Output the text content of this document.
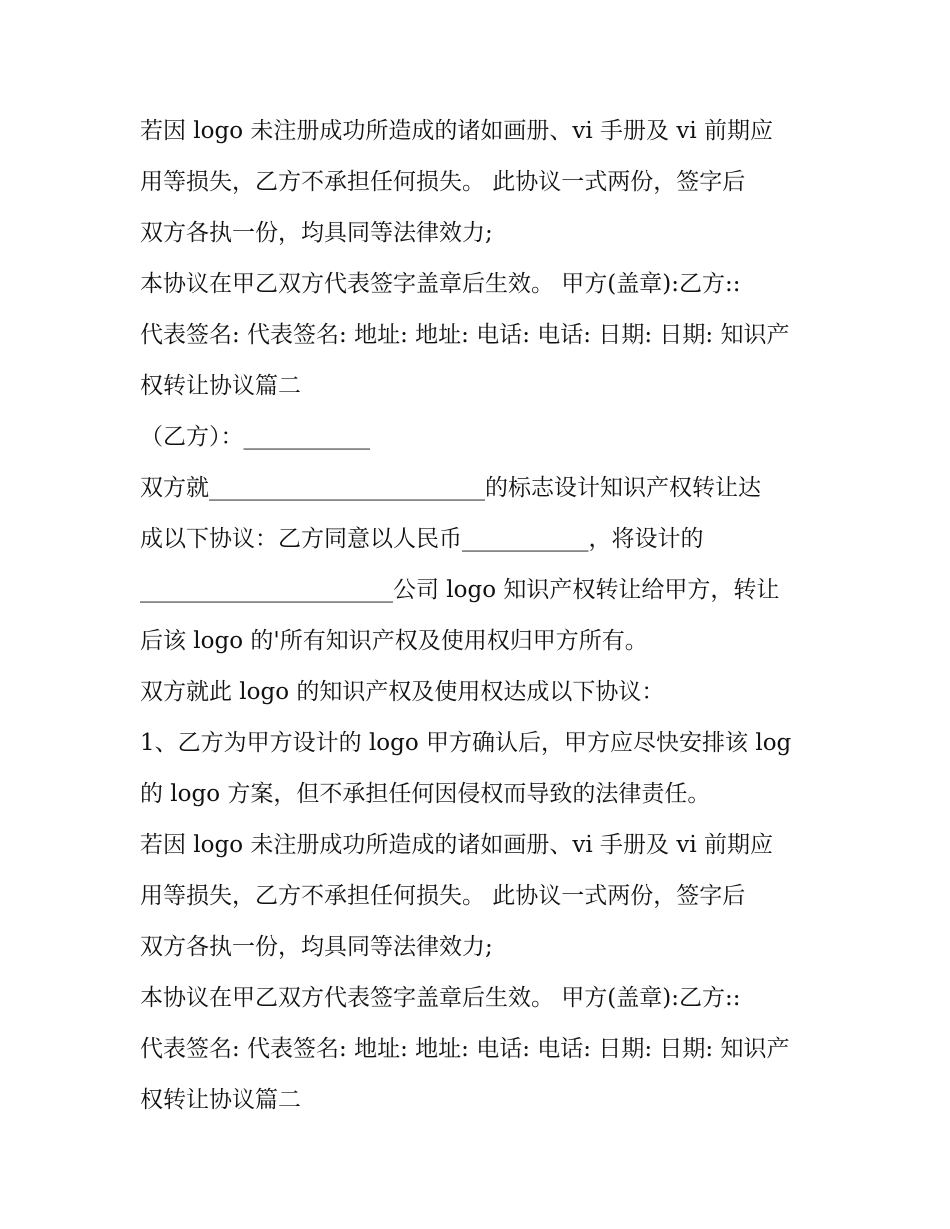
若因 logo 未注册成功所造成的诸如画册、vi 手册及 vi 前期应
用等损失，乙方不承担任何损失。 此协议一式两份，签字后
双方各执一份，均具同等法律效力;
本协议在甲乙双方代表签字盖章后生效。 甲方(盖章):乙方::
代表签名: 代表签名: 地址: 地址: 电话: 电话: 日期: 日期: 知识产
权转让协议篇二
（乙方）：___________
双方就________________________的标志设计知识产权转让达
成以下协议：乙方同意以人民币___________，将设计的
______________________公司 logo 知识产权转让给甲方，转让
后该 logo 的'所有知识产权及使用权归甲方所有。
双方就此 logo 的知识产权及使用权达成以下协议：
1、乙方为甲方设计的 logo 甲方确认后，甲方应尽快安排该 log
的 logo 方案，但不承担任何因侵权而导致的法律责任。
若因 logo 未注册成功所造成的诸如画册、vi 手册及 vi 前期应
用等损失，乙方不承担任何损失。 此协议一式两份，签字后
双方各执一份，均具同等法律效力;
本协议在甲乙双方代表签字盖章后生效。 甲方(盖章):乙方::
代表签名: 代表签名: 地址: 地址: 电话: 电话: 日期: 日期: 知识产
权转让协议篇二
